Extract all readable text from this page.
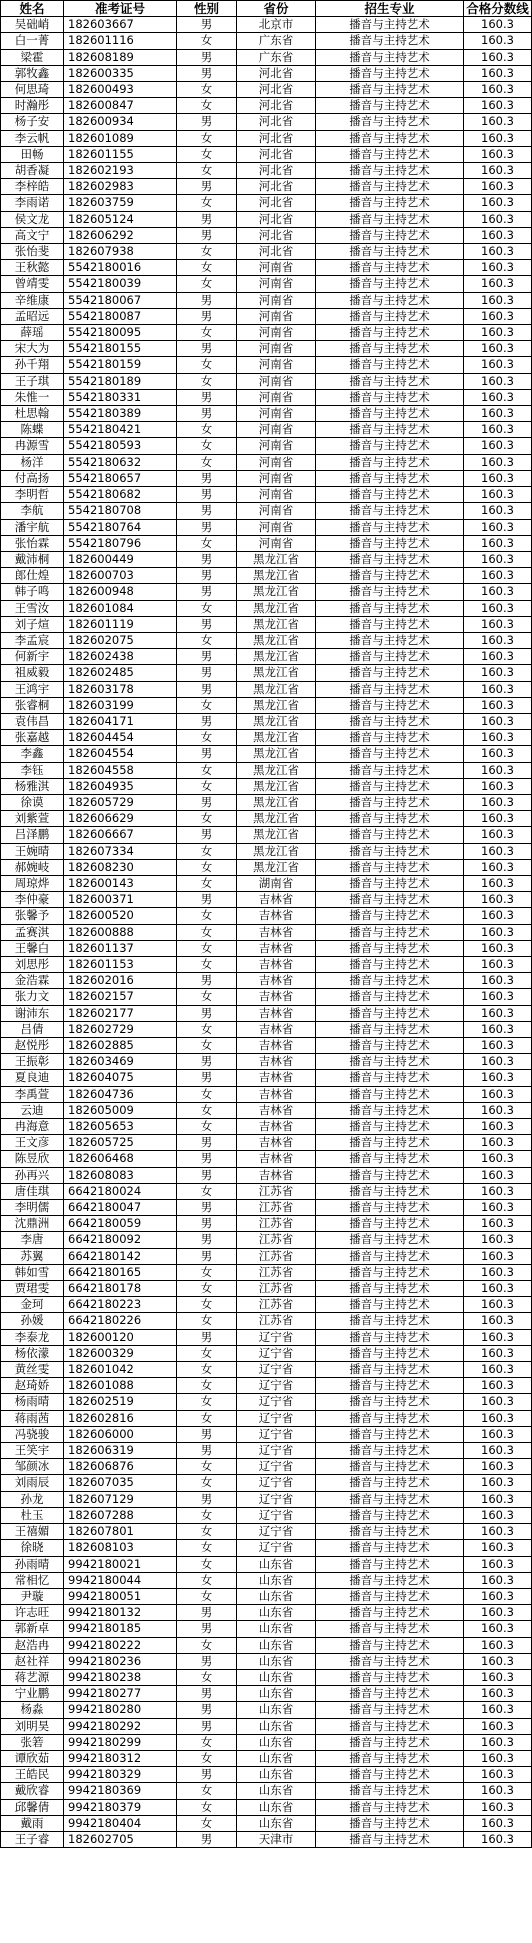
姓名	准考证号	性别	省份	招生专业	合格分数线
吴础峭	182603667	男	北京市	播音与主持艺术	160.3
白一菁	182601116	女	广东省	播音与主持艺术	160.3
梁霍	182608189	男	广东省	播音与主持艺术	160.3
郭牧鑫	182600335	男	河北省	播音与主持艺术	160.3
何思琦	182600493	女	河北省	播音与主持艺术	160.3
时瀚彤	182600847	女	河北省	播音与主持艺术	160.3
杨子安	182600934	男	河北省	播音与主持艺术	160.3
李云帆	182601089	女	河北省	播音与主持艺术	160.3
田畅	182601155	女	河北省	播音与主持艺术	160.3
胡香凝	182602193	女	河北省	播音与主持艺术	160.3
李梓皓	182602983	男	河北省	播音与主持艺术	160.3
李雨诺	182603759	女	河北省	播音与主持艺术	160.3
侯文龙	182605124	男	河北省	播音与主持艺术	160.3
高文宁	182606292	男	河北省	播音与主持艺术	160.3
张怡斐	182607938	女	河北省	播音与主持艺术	160.3
王秋懿	5542180016	女	河南省	播音与主持艺术	160.3
曾靖雯	5542180039	女	河南省	播音与主持艺术	160.3
辛维康	5542180067	男	河南省	播音与主持艺术	160.3
孟昭远	5542180087	男	河南省	播音与主持艺术	160.3
薛瑶	5542180095	女	河南省	播音与主持艺术	160.3
宋大为	5542180155	男	河南省	播音与主持艺术	160.3
孙千翔	5542180159	女	河南省	播音与主持艺术	160.3
王子琪	5542180189	女	河南省	播音与主持艺术	160.3
朱惟一	5542180331	男	河南省	播音与主持艺术	160.3
杜思翰	5542180389	男	河南省	播音与主持艺术	160.3
陈蝶	5542180421	女	河南省	播音与主持艺术	160.3
冉源雪	5542180593	女	河南省	播音与主持艺术	160.3
杨洋	5542180632	女	河南省	播音与主持艺术	160.3
付高扬	5542180657	男	河南省	播音与主持艺术	160.3
李明哲	5542180682	男	河南省	播音与主持艺术	160.3
李航	5542180708	男	河南省	播音与主持艺术	160.3
潘宇航	5542180764	男	河南省	播音与主持艺术	160.3
张怡霖	5542180796	女	河南省	播音与主持艺术	160.3
戴沛桐	182600449	男	黑龙江省	播音与主持艺术	160.3
郎仕煌	182600703	男	黑龙江省	播音与主持艺术	160.3
韩子鸣	182600948	男	黑龙江省	播音与主持艺术	160.3
王雪汝	182601084	女	黑龙江省	播音与主持艺术	160.3
刘子煊	182601119	男	黑龙江省	播音与主持艺术	160.3
李孟宸	182602075	女	黑龙江省	播音与主持艺术	160.3
何新宇	182602438	男	黑龙江省	播音与主持艺术	160.3
祖威毅	182602485	男	黑龙江省	播音与主持艺术	160.3
王鸿宇	182603178	男	黑龙江省	播音与主持艺术	160.3
张睿桐	182603199	女	黑龙江省	播音与主持艺术	160.3
袁伟昌	182604171	男	黑龙江省	播音与主持艺术	160.3
张嘉越	182604454	女	黑龙江省	播音与主持艺术	160.3
李鑫	182604554	男	黑龙江省	播音与主持艺术	160.3
李钰	182604558	女	黑龙江省	播音与主持艺术	160.3
杨雅淇	182604935	女	黑龙江省	播音与主持艺术	160.3
徐谟	182605729	男	黑龙江省	播音与主持艺术	160.3
刘紫萱	182606629	女	黑龙江省	播音与主持艺术	160.3
吕泽鹏	182606667	男	黑龙江省	播音与主持艺术	160.3
王婉晴	182607334	女	黑龙江省	播音与主持艺术	160.3
郝婉岐	182608230	女	黑龙江省	播音与主持艺术	160.3
周琼烨	182600143	女	湖南省	播音与主持艺术	160.3
李仲豪	182600371	男	吉林省	播音与主持艺术	160.3
张馨予	182600520	女	吉林省	播音与主持艺术	160.3
孟赛淇	182600888	女	吉林省	播音与主持艺术	160.3
王馨白	182601137	女	吉林省	播音与主持艺术	160.3
刘思彤	182601153	女	吉林省	播音与主持艺术	160.3
金浩霖	182602016	男	吉林省	播音与主持艺术	160.3
张力文	182602157	女	吉林省	播音与主持艺术	160.3
谢沛东	182602177	男	吉林省	播音与主持艺术	160.3
吕倩	182602729	女	吉林省	播音与主持艺术	160.3
赵悦彤	182602885	女	吉林省	播音与主持艺术	160.3
王振彰	182603469	男	吉林省	播音与主持艺术	160.3
夏良迪	182604075	男	吉林省	播音与主持艺术	160.3
李禹萱	182604736	女	吉林省	播音与主持艺术	160.3
云迪	182605009	女	吉林省	播音与主持艺术	160.3
冉海意	182605653	女	吉林省	播音与主持艺术	160.3
王文彦	182605725	男	吉林省	播音与主持艺术	160.3
陈昱欣	182606468	男	吉林省	播音与主持艺术	160.3
孙再兴	182608083	男	吉林省	播音与主持艺术	160.3
唐佳琪	6642180024	女	江苏省	播音与主持艺术	160.3
李明儒	6642180047	男	江苏省	播音与主持艺术	160.3
沈鼎洲	6642180059	男	江苏省	播音与主持艺术	160.3
李唐	6642180092	男	江苏省	播音与主持艺术	160.3
苏翼	6642180142	男	江苏省	播音与主持艺术	160.3
韩如雪	6642180165	女	江苏省	播音与主持艺术	160.3
贾珺雯	6642180178	女	江苏省	播音与主持艺术	160.3
金珂	6642180223	女	江苏省	播音与主持艺术	160.3
孙媛	6642180226	女	江苏省	播音与主持艺术	160.3
李泰龙	182600120	男	辽宁省	播音与主持艺术	160.3
杨依濛	182600329	女	辽宁省	播音与主持艺术	160.3
黄丝雯	182601042	女	辽宁省	播音与主持艺术	160.3
赵琦娇	182601088	女	辽宁省	播音与主持艺术	160.3
杨雨晴	182602519	女	辽宁省	播音与主持艺术	160.3
蒋雨茜	182602816	女	辽宁省	播音与主持艺术	160.3
冯骁骏	182606000	男	辽宁省	播音与主持艺术	160.3
王笑宇	182606319	男	辽宁省	播音与主持艺术	160.3
邹颜冰	182606876	女	辽宁省	播音与主持艺术	160.3
刘雨辰	182607035	女	辽宁省	播音与主持艺术	160.3
孙龙	182607129	男	辽宁省	播音与主持艺术	160.3
杜玉	182607288	女	辽宁省	播音与主持艺术	160.3
王禧媚	182607801	女	辽宁省	播音与主持艺术	160.3
徐晓	182608103	女	辽宁省	播音与主持艺术	160.3
孙雨晴	9942180021	女	山东省	播音与主持艺术	160.3
常相忆	9942180044	女	山东省	播音与主持艺术	160.3
尹璇	9942180051	女	山东省	播音与主持艺术	160.3
许志旺	9942180132	男	山东省	播音与主持艺术	160.3
郭新卓	9942180185	男	山东省	播音与主持艺术	160.3
赵浩冉	9942180222	女	山东省	播音与主持艺术	160.3
赵社祥	9942180236	男	山东省	播音与主持艺术	160.3
蒋艺源	9942180238	女	山东省	播音与主持艺术	160.3
宁业鹏	9942180277	男	山东省	播音与主持艺术	160.3
杨淼	9942180280	男	山东省	播音与主持艺术	160.3
刘明昊	9942180292	男	山东省	播音与主持艺术	160.3
张箬	9942180299	女	山东省	播音与主持艺术	160.3
谭欣茹	9942180312	女	山东省	播音与主持艺术	160.3
王皓民	9942180329	男	山东省	播音与主持艺术	160.3
戴欣睿	9942180369	女	山东省	播音与主持艺术	160.3
邱馨倩	9942180379	女	山东省	播音与主持艺术	160.3
戴雨	9942180404	女	山东省	播音与主持艺术	160.3
王子睿	182602705	男	天津市	播音与主持艺术	160.3
